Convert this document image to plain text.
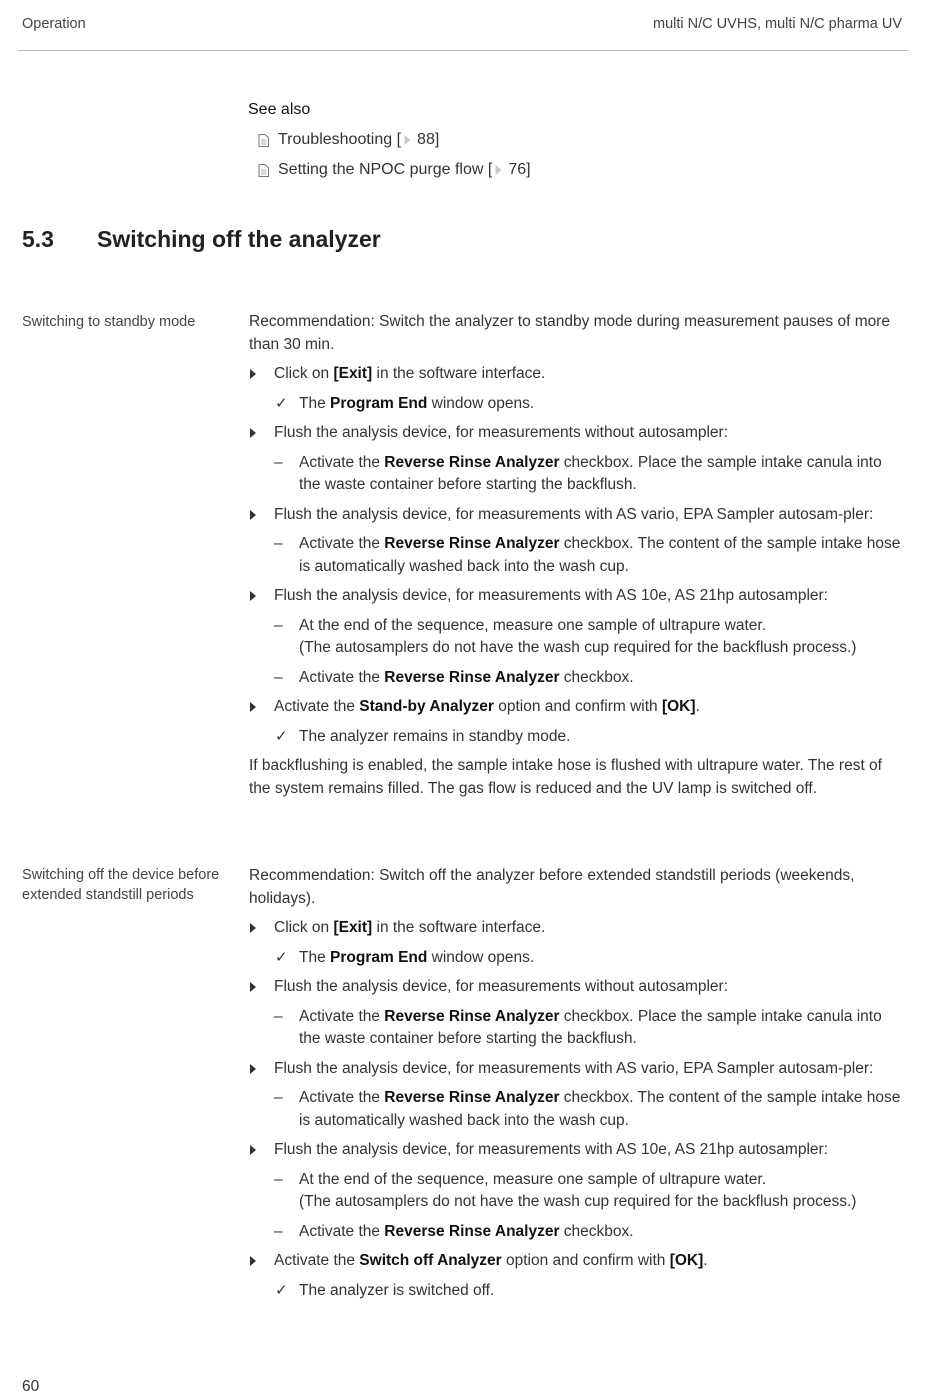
Operation	multi N/C UVHS, multi N/C pharma UV
See also
Troubleshooting [ 88]
Setting the NPOC purge flow [ 76]
5.3 Switching off the analyzer
Switching to standby mode	Recommendation: Switch the analyzer to standby mode during measurement pauses of more than 30 min.

Click on [Exit] in the software interface.
✓ The Program End window opens.
Flush the analysis device, for measurements without autosampler:
– Activate the Reverse Rinse Analyzer checkbox. Place the sample intake canula into the waste container before starting the backflush.
Flush the analysis device, for measurements with AS vario, EPA Sampler autosam-pler:
– Activate the Reverse Rinse Analyzer checkbox. The content of the sample intake hose is automatically washed back into the wash cup.
Flush the analysis device, for measurements with AS 10e, AS 21hp autosampler:
– At the end of the sequence, measure one sample of ultrapure water.
(The autosamplers do not have the wash cup required for the backflush process.)
– Activate the Reverse Rinse Analyzer checkbox.
Activate the Stand-by Analyzer option and confirm with [OK].
✓ The analyzer remains in standby mode.

If backflushing is enabled, the sample intake hose is flushed with ultrapure water. The rest of the system remains filled. The gas flow is reduced and the UV lamp is switched off.

Switching off the device before extended standstill periods

Recommendation: Switch off the analyzer before extended standstill periods (weekends, holidays).

Click on [Exit] in the software interface.
✓ The Program End window opens.
Flush the analysis device, for measurements without autosampler:
– Activate the Reverse Rinse Analyzer checkbox. Place the sample intake canula into the waste container before starting the backflush.
Flush the analysis device, for measurements with AS vario, EPA Sampler autosam-pler:
– Activate the Reverse Rinse Analyzer checkbox. The content of the sample intake hose is automatically washed back into the wash cup.
Flush the analysis device, for measurements with AS 10e, AS 21hp autosampler:
– At the end of the sequence, measure one sample of ultrapure water.
(The autosamplers do not have the wash cup required for the backflush process.)
– Activate the Reverse Rinse Analyzer checkbox.
Activate the Switch off Analyzer option and confirm with [OK].
✓ The analyzer is switched off.
60
